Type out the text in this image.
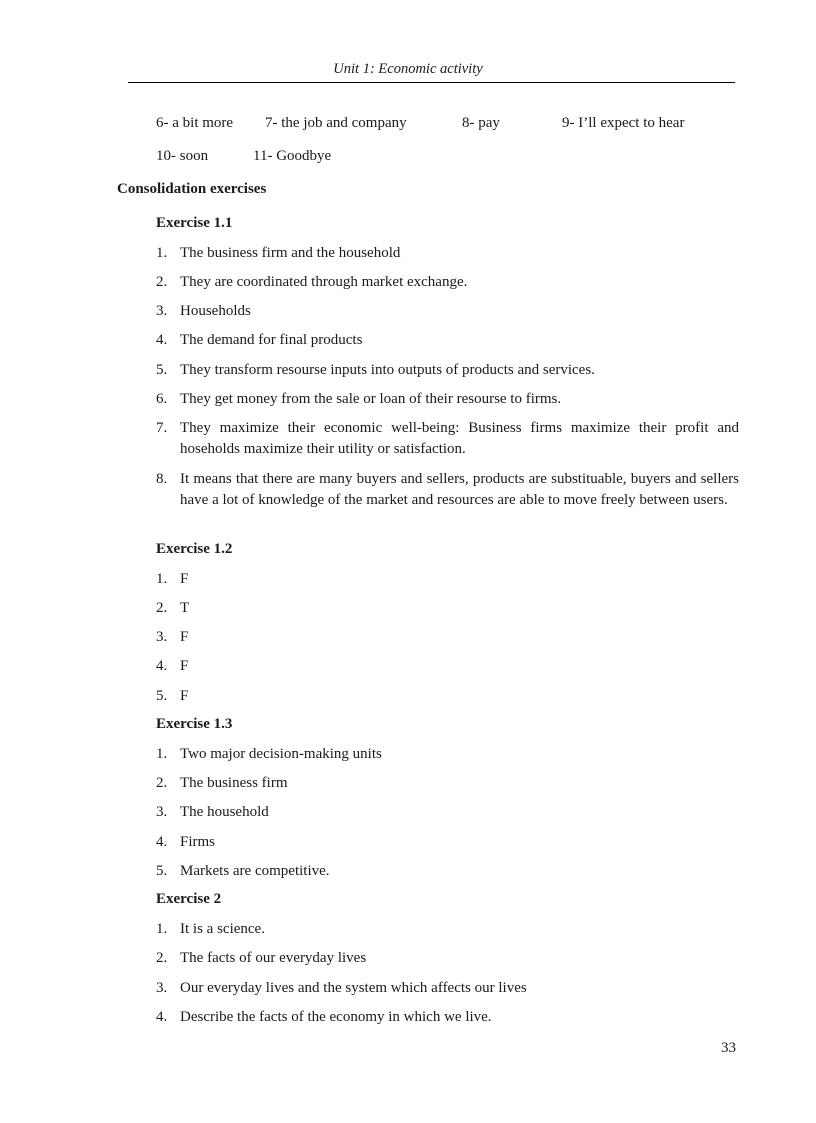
Unit 1: Economic activity
6- a bit more 7- the job and company	8- pay	9- I’ll expect to hear
10- soon	11- Goodbye
Consolidation exercises
Exercise 1.1
1. The business firm and the household
2. They are coordinated through market exchange.
3. Households
4. The demand for final products
5. They transform resourse inputs into outputs of products and services.
6. They get money from the sale or loan of their resourse to firms.
7. They maximize their economic well-being: Business firms maximize their profit and hoseholds maximize their utility or satisfaction.
8. It means that there are many buyers and sellers, products are substituable, buyers and sellers have a lot of knowledge of the market and resources are able to move freely between users.
Exercise 1.2
1. F
2. T
3. F
4. F
5. F
Exercise 1.3
1. Two major decision-making units
2. The business firm
3. The household
4. Firms
5. Markets are competitive.
Exercise 2
1. It is a science.
2. The facts of our everyday lives
3. Our everyday lives and the system which affects our lives
4. Describe the facts of the economy in which we live.
33
